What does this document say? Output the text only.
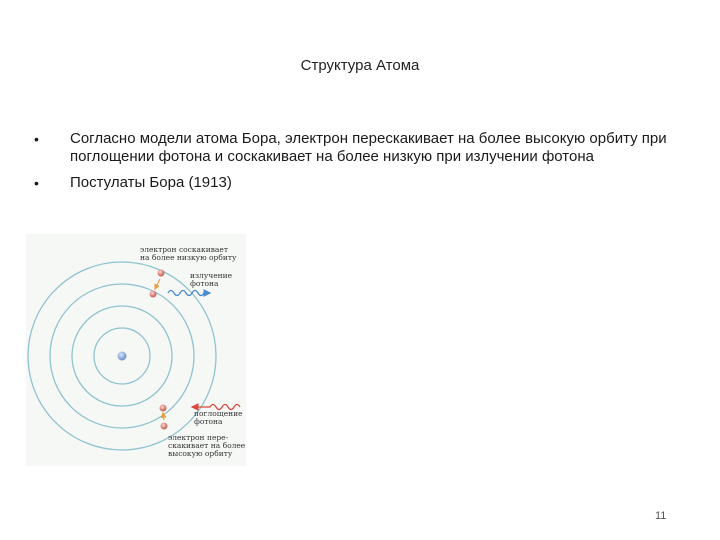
Структура Атома
• Согласно модели атома Бора, электрон перескакивает на более высокую орбиту при поглощении фотона и соскакивает на более низкую при излучении фотона
• Постулаты Бора (1913)
электрон соскакивает
на более низкую орбиту
излучение
фотона
поглощение
фотона
электрон пере-
скакивает на более
высокую орбиту
11
